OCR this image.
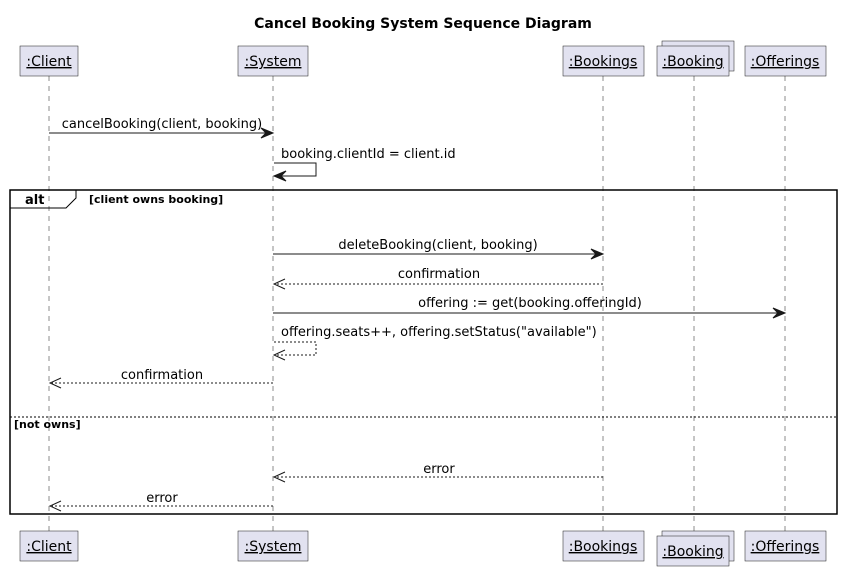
Cancel Booking System Sequence Diagram
:Client	:System	:Bookings :Booking :Offerings
cancelBooking(client, booking)
booking.clientId = client.id
alt	[client owns booking]
[not owns]
deleteBooking(client, booking)
confirmation
offering := get(booking.offeringId)
offering.seats++, offering.setStatus("available")
confirmation
error
error
:Client	:System	:Bookings :Booking :Offerings
